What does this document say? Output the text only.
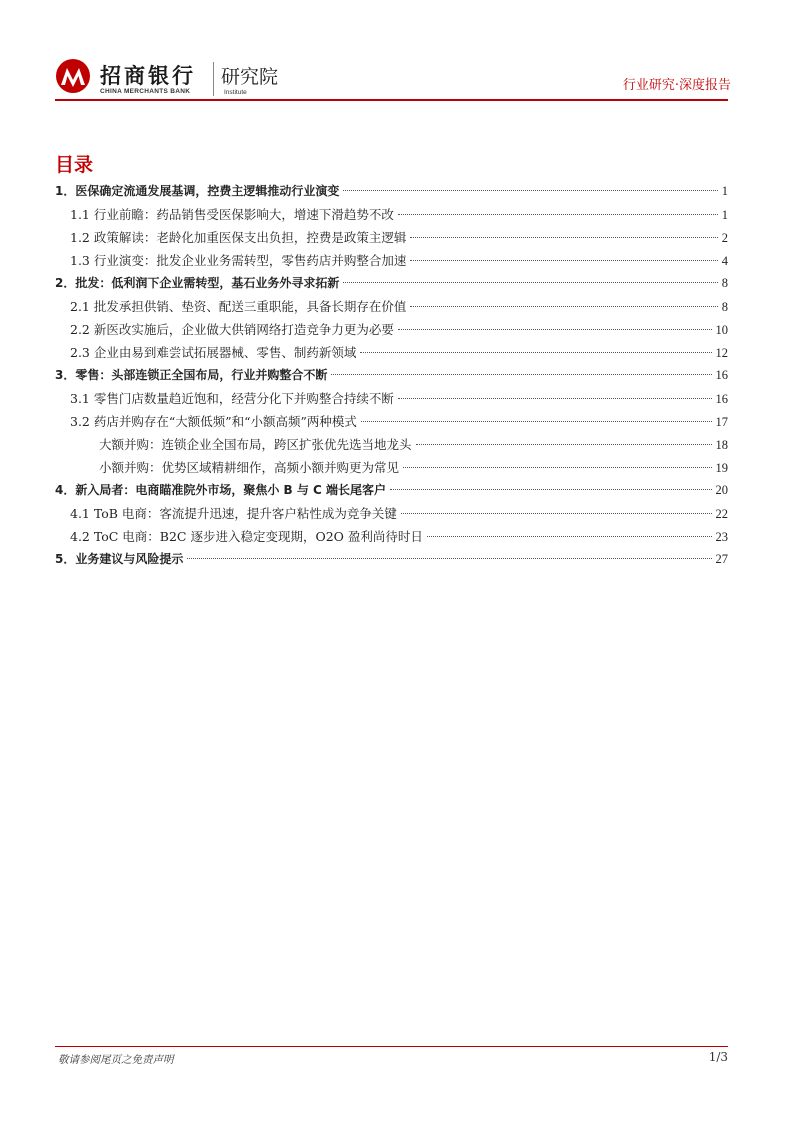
招商银行
CHINA MERCHANTS BANK
研究院
Institute	行业研究·深度报告
目录
1．医保确定流通发展基调，控费主逻辑推动行业演变	1
1.1 行业前瞻：药品销售受医保影响大，增速下滑趋势不改	1
1.2 政策解读：老龄化加重医保支出负担，控费是政策主逻辑	2
1.3 行业演变：批发企业业务需转型，零售药店并购整合加速	4
2．批发：低利润下企业需转型，基石业务外寻求拓新	8
2.1 批发承担供销、垫资、配送三重职能，具备长期存在价值	8
2.2 新医改实施后，企业做大供销网络打造竞争力更为必要	10
2.3 企业由易到难尝试拓展器械、零售、制药新领域	12
3．零售：头部连锁正全国布局，行业并购整合不断	16
3.1 零售门店数量趋近饱和，经营分化下并购整合持续不断	16
3.2 药店并购存在“大额低频”和“小额高频”两种模式	17
大额并购：连锁企业全国布局，跨区扩张优先选当地龙头	18
小额并购：优势区域精耕细作，高频小额并购更为常见	19
4．新入局者：电商瞄准院外市场，聚焦小 B 与 C 端长尾客户	20
4.1 ToB 电商：客流提升迅速，提升客户粘性成为竞争关键	22
4.2 ToC 电商：B2C 逐步进入稳定变现期，O2O 盈利尚待时日	23
5．业务建议与风险提示	27
敬请参阅尾页之免责声明	1/3
